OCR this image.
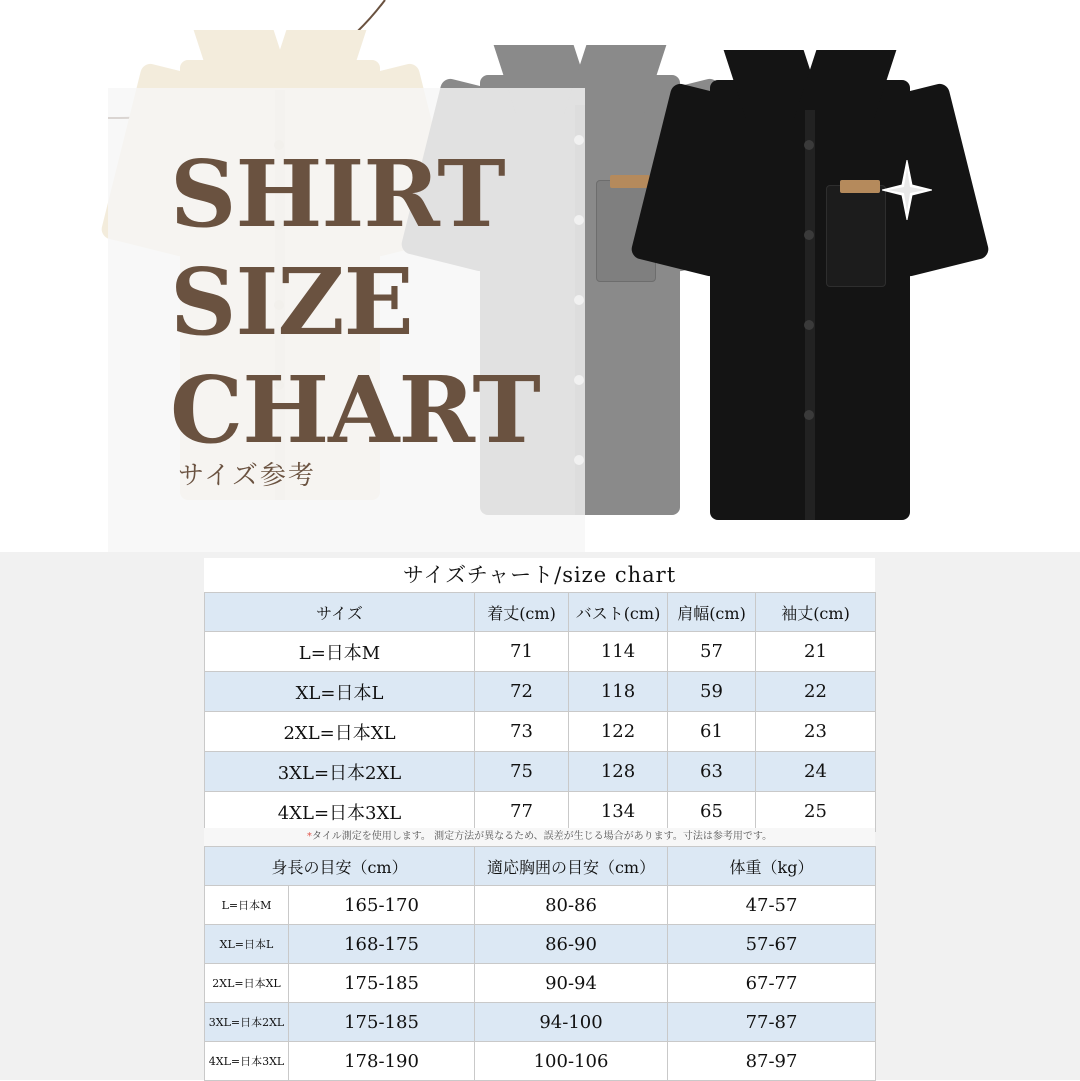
SHIRT
SIZE
CHART
サイズ参考
サイズチャート/size chart
サイズ	着丈(cm)	バスト(cm)	肩幅(cm)	袖丈(cm)
L=日本M	71	114	57	21
XL=日本L	72	118	59	22
2XL=日本XL	73	122	61	23
3XL=日本2XL	75	128	63	24
4XL=日本3XL	77	134	65	25
*タイル測定を使用します。 測定方法が異なるため、誤差が生じる場合があります。寸法は参考用です。
身長の目安（cm）		適応胸囲の目安（cm）	体重（kg）
L=日本M	165-170	80-86	47-57
XL=日本L	168-175	86-90	57-67
2XL=日本XL	175-185	90-94	67-77
3XL=日本2XL	175-185	94-100	77-87
4XL=日本3XL	178-190	100-106	87-97
